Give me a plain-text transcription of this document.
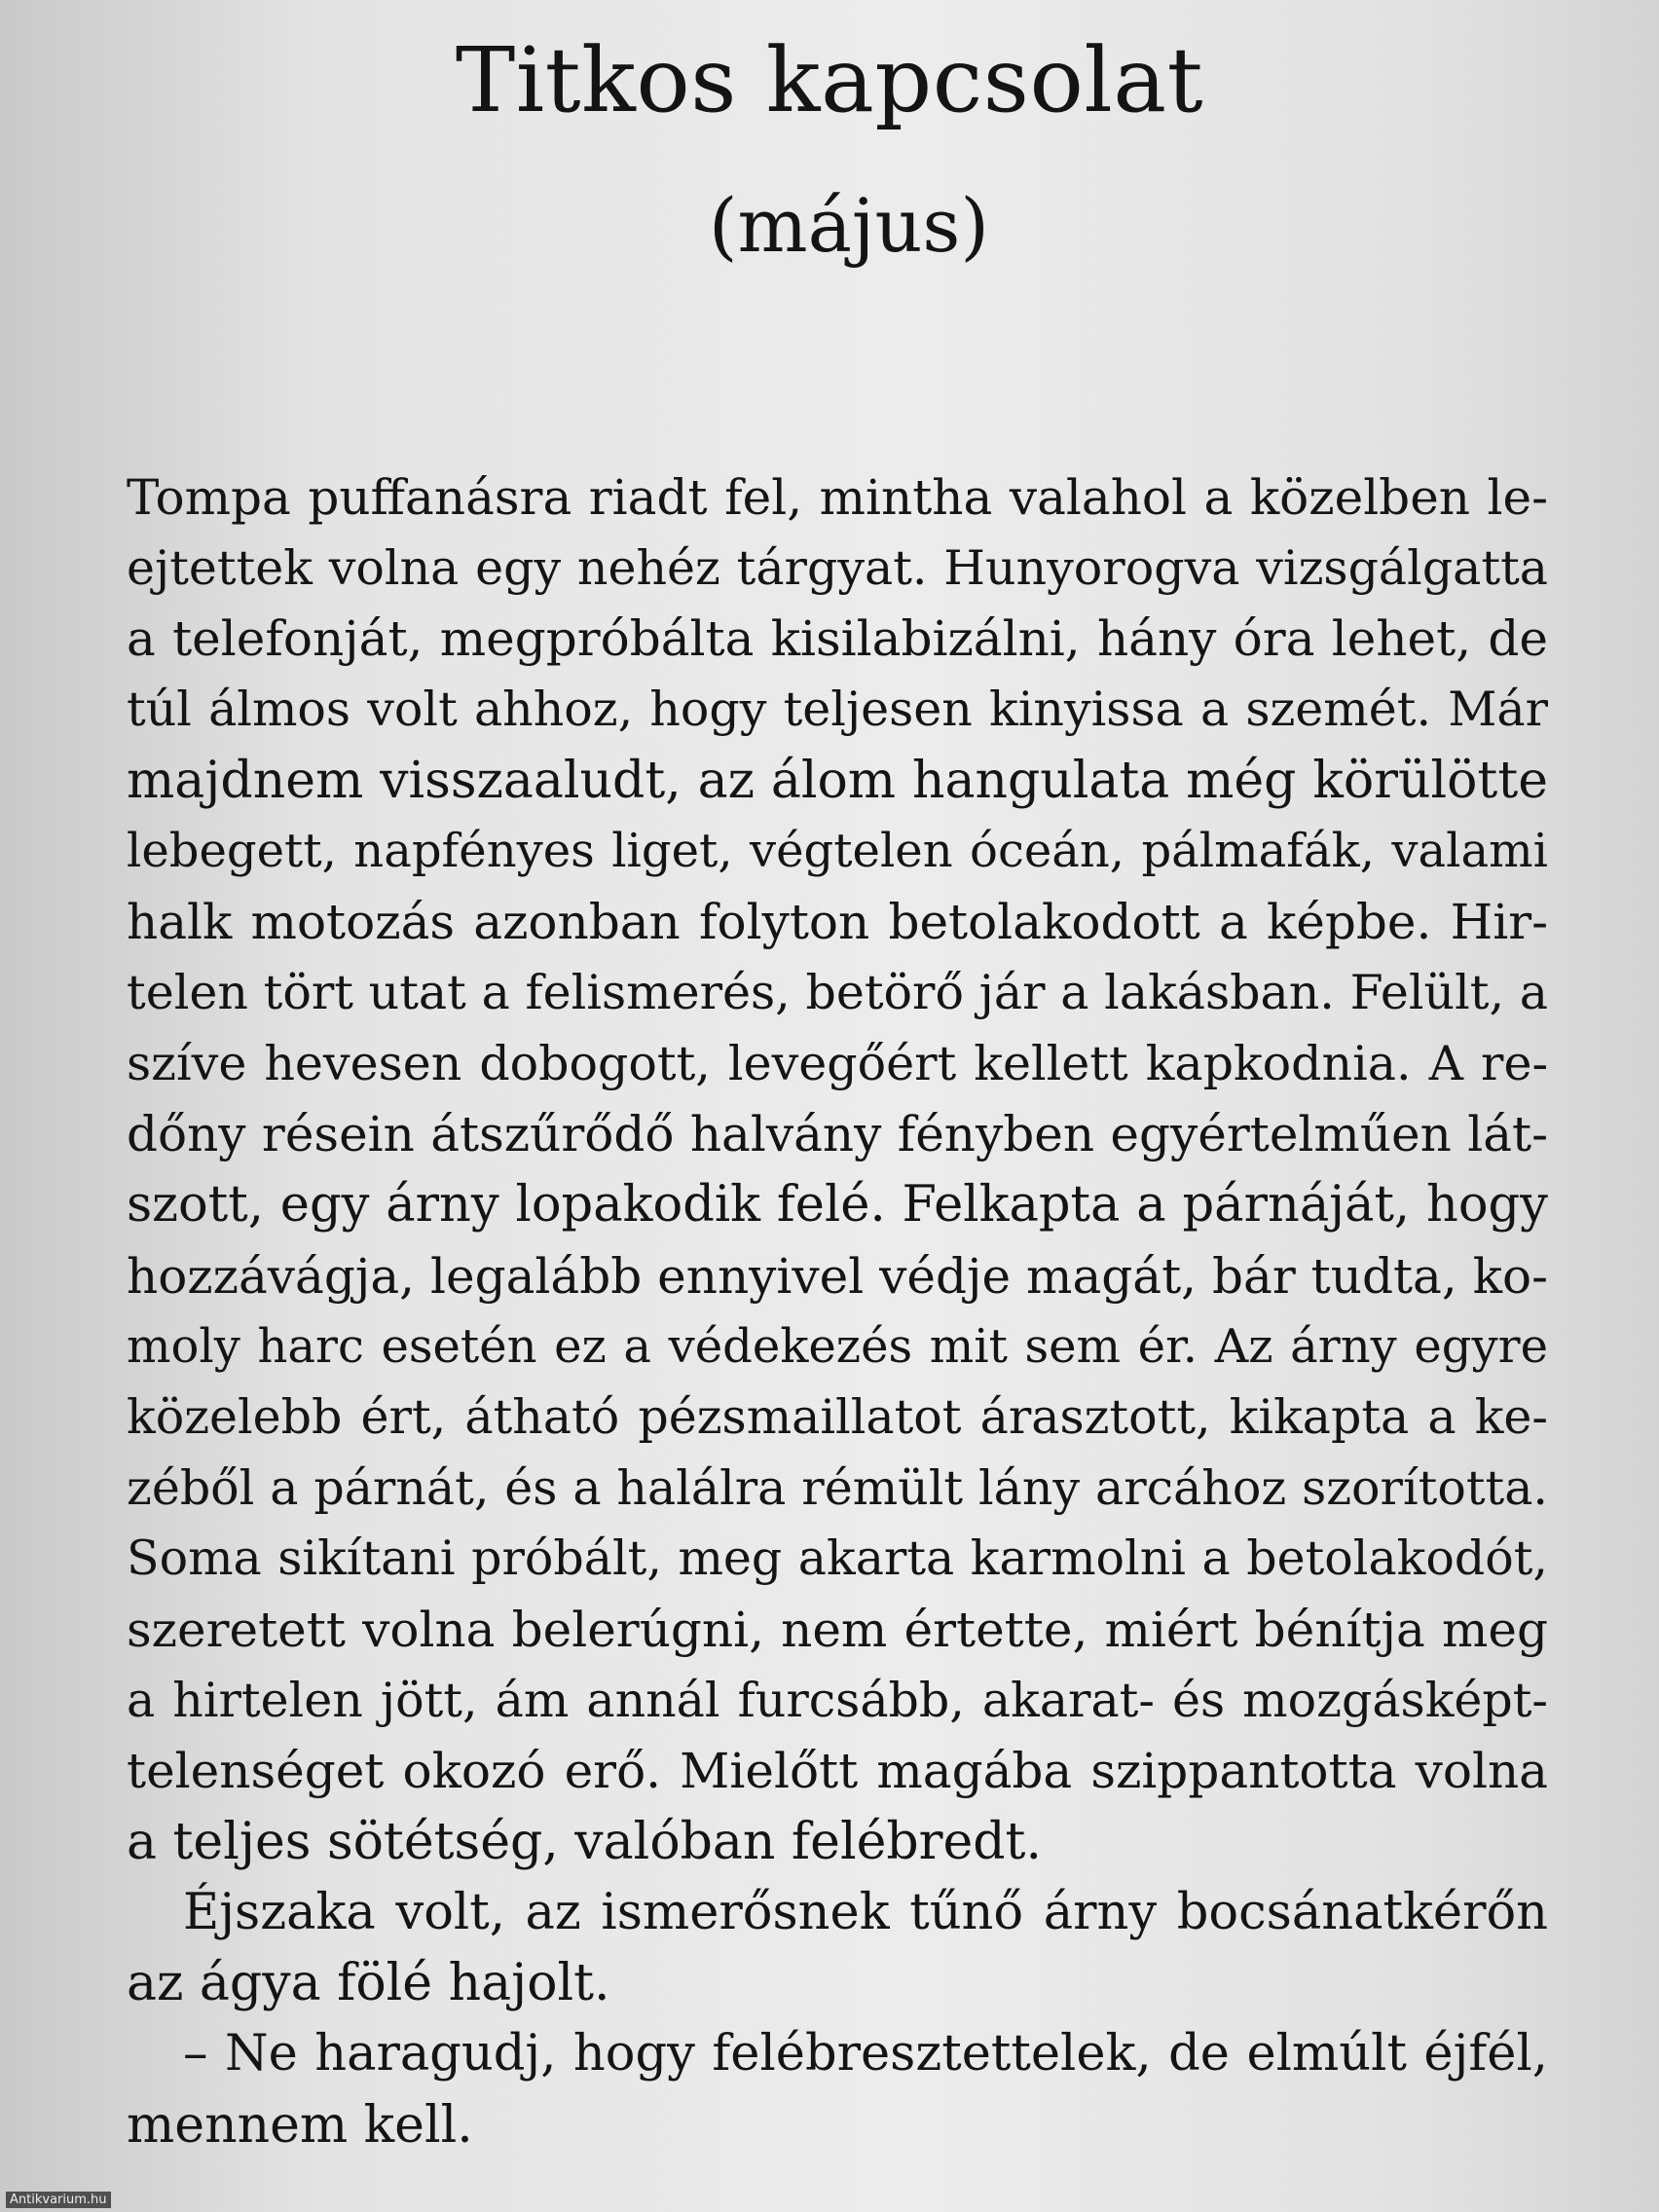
Titkos kapcsolat
(május)
Tompa puffanásra riadt fel, mintha valahol a közelben le-
ejtettek volna egy nehéz tárgyat. Hunyorogva vizsgálgatta
a telefonját, megpróbálta kisilabizálni, hány óra lehet, de
túl álmos volt ahhoz, hogy teljesen kinyissa a szemét. Már
majdnem visszaaludt, az álom hangulata még körülötte
lebegett, napfényes liget, végtelen óceán, pálmafák, valami
halk motozás azonban folyton betolakodott a képbe. Hir-
telen tört utat a felismerés, betörő jár a lakásban. Felült, a
szíve hevesen dobogott, levegőért kellett kapkodnia. A re-
dőny résein átszűrődő halvány fényben egyértelműen lát-
szott, egy árny lopakodik felé. Felkapta a párnáját, hogy
hozzávágja, legalább ennyivel védje magát, bár tudta, ko-
moly harc esetén ez a védekezés mit sem ér. Az árny egyre
közelebb ért, átható pézsmaillatot árasztott, kikapta a ke-
zéből a párnát, és a halálra rémült lány arcához szorította.
Soma sikítani próbált, meg akarta karmolni a betolakodót,
szeretett volna belerúgni, nem értette, miért bénítja meg
a hirtelen jött, ám annál furcsább, akarat- és mozgásképt-
telenséget okozó erő. Mielőtt magába szippantotta volna
a teljes sötétség, valóban felébredt.
Éjszaka volt, az ismerősnek tűnő árny bocsánatkérőn
az ágya fölé hajolt.
– Ne haragudj, hogy felébresztettelek, de elmúlt éjfél,
mennem kell.
Antikvarium.hu
